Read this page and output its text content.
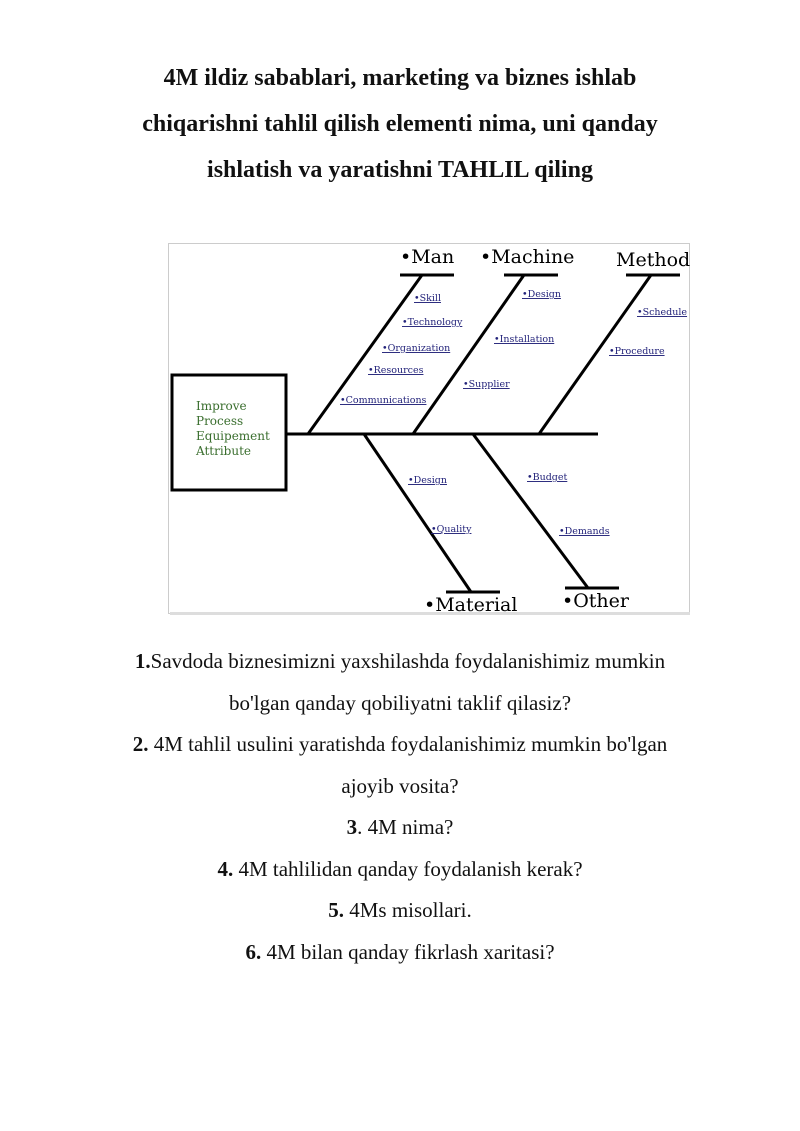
4M ildiz sabablari, marketing va biznes ishlab
chiqarishni tahlil qilish elementi nima, uni qanday
ishlatish va yaratishni TAHLIL qiling
Improve
Process
Equipement
Attribute
•Man •Machine Method
•Material •Other
•Skill
•Technology
•Organization
•Resources
•Communications
•Design
•Installation
•Supplier
•Schedule
•Procedure
•Design
•Quality
•Budget
•Demands

1.Savdoda biznesimizni yaxshilashda foydalanishimiz mumkin

bo'lgan qanday qobiliyatni taklif qilasiz?

2. 4M tahlil usulini yaratishda foydalanishimiz mumkin bo'lgan

ajoyib vosita?

3. 4M nima?

4. 4M tahlilidan qanday foydalanish kerak?

5. 4Ms misollari.

6. 4M bilan qanday fikrlash xaritasi?
